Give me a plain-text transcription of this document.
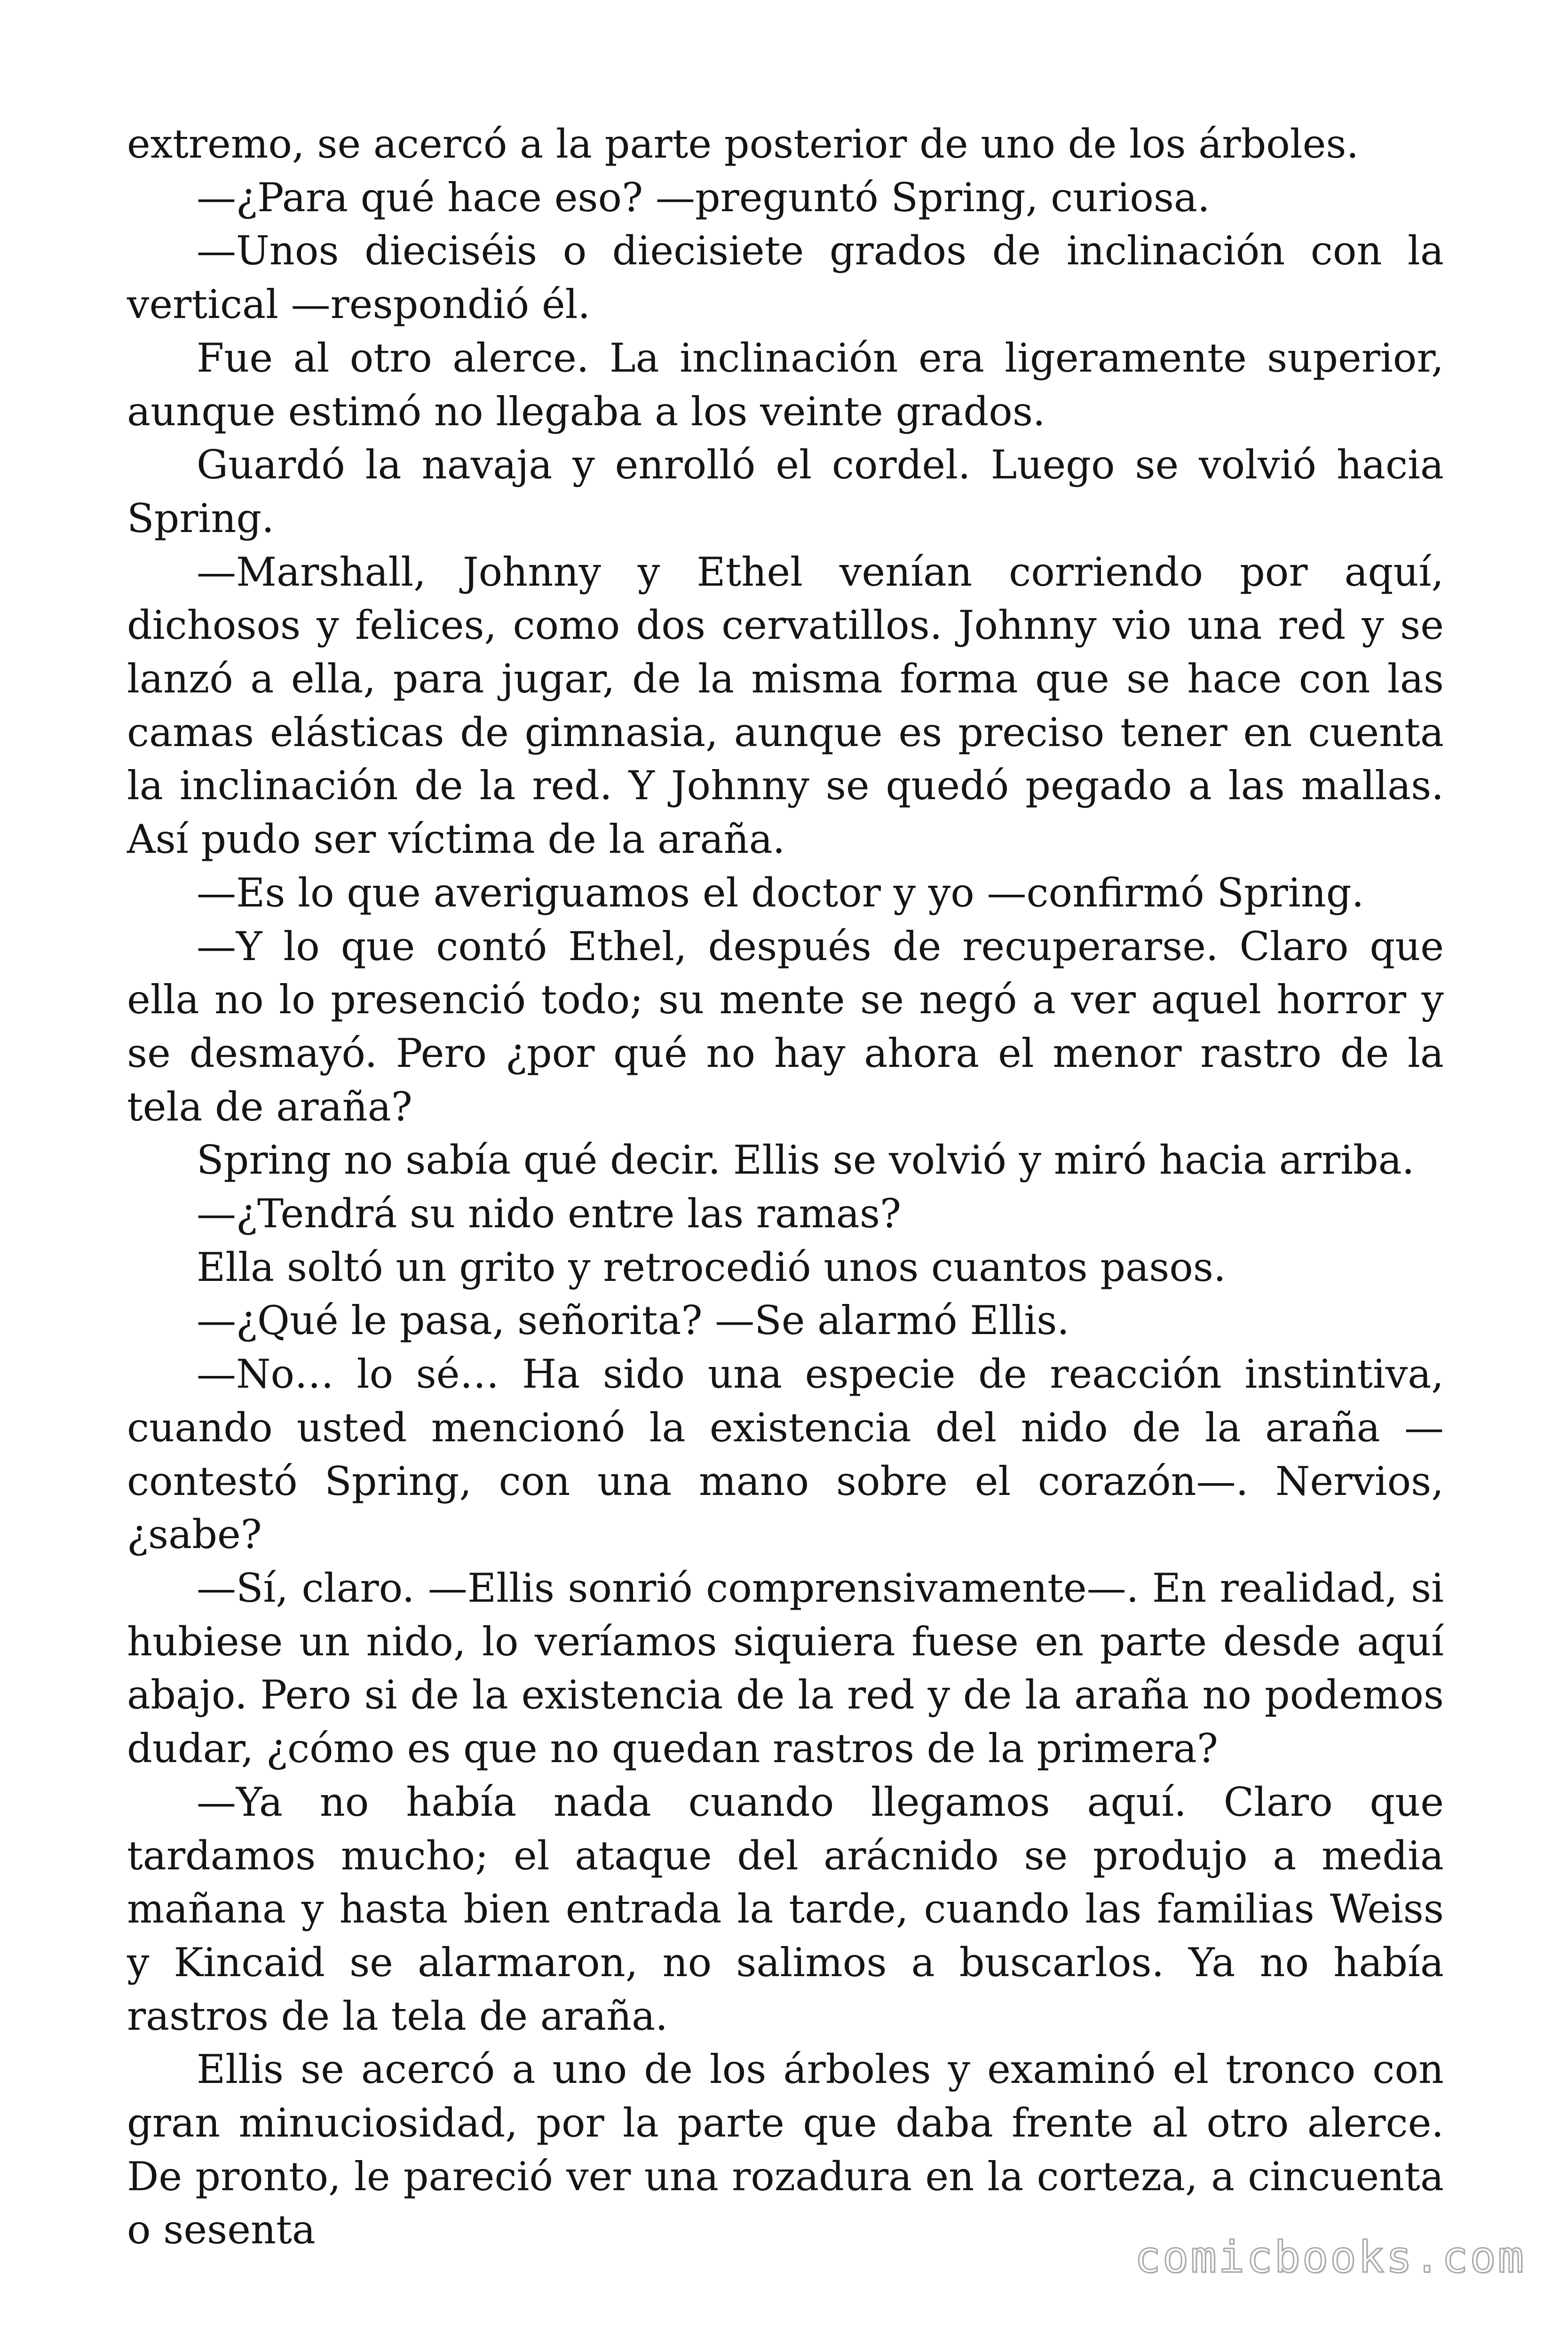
extremo, se acercó a la parte posterior de uno de los árboles.

—¿Para qué hace eso? —preguntó Spring, curiosa.

—Unos dieciséis o diecisiete grados de inclinación con la vertical —respondió él.

Fue al otro alerce. La inclinación era ligeramente superior, aunque estimó no llegaba a los veinte grados.

Guardó la navaja y enrolló el cordel. Luego se volvió hacia Spring.

—Marshall, Johnny y Ethel venían corriendo por aquí, dichosos y felices, como dos cervatillos. Johnny vio una red y se lanzó a ella, para jugar, de la misma forma que se hace con las camas elásticas de gimnasia, aunque es preciso tener en cuenta la inclinación de la red. Y Johnny se quedó pegado a las mallas. Así pudo ser víctima de la araña.

—Es lo que averiguamos el doctor y yo —confirmó Spring.

—Y lo que contó Ethel, después de recuperarse. Claro que ella no lo presenció todo; su mente se negó a ver aquel horror y se desmayó. Pero ¿por qué no hay ahora el menor rastro de la tela de araña?

Spring no sabía qué decir. Ellis se volvió y miró hacia arriba.

—¿Tendrá su nido entre las ramas?

Ella soltó un grito y retrocedió unos cuantos pasos.

—¿Qué le pasa, señorita? —Se alarmó Ellis.

—No… lo sé… Ha sido una especie de reacción instintiva, cuando usted mencionó la existencia del nido de la araña — contestó Spring, con una mano sobre el corazón—. Nervios, ¿sabe?

—Sí, claro. —Ellis sonrió comprensivamente—. En realidad, si hubiese un nido, lo veríamos siquiera fuese en parte desde aquí abajo. Pero si de la existencia de la red y de la araña no podemos dudar, ¿cómo es que no quedan rastros de la primera?

—Ya no había nada cuando llegamos aquí. Claro que tardamos mucho; el ataque del arácnido se produjo a media mañana y hasta bien entrada la tarde, cuando las familias Weiss y Kincaid se alarmaron, no salimos a buscarlos. Ya no había rastros de la tela de araña.

Ellis se acercó a uno de los árboles y examinó el tronco con gran minuciosidad, por la parte que daba frente al otro alerce. De pronto, le pareció ver una rozadura en la corteza, a cincuenta o sesenta

comicbooks.com
